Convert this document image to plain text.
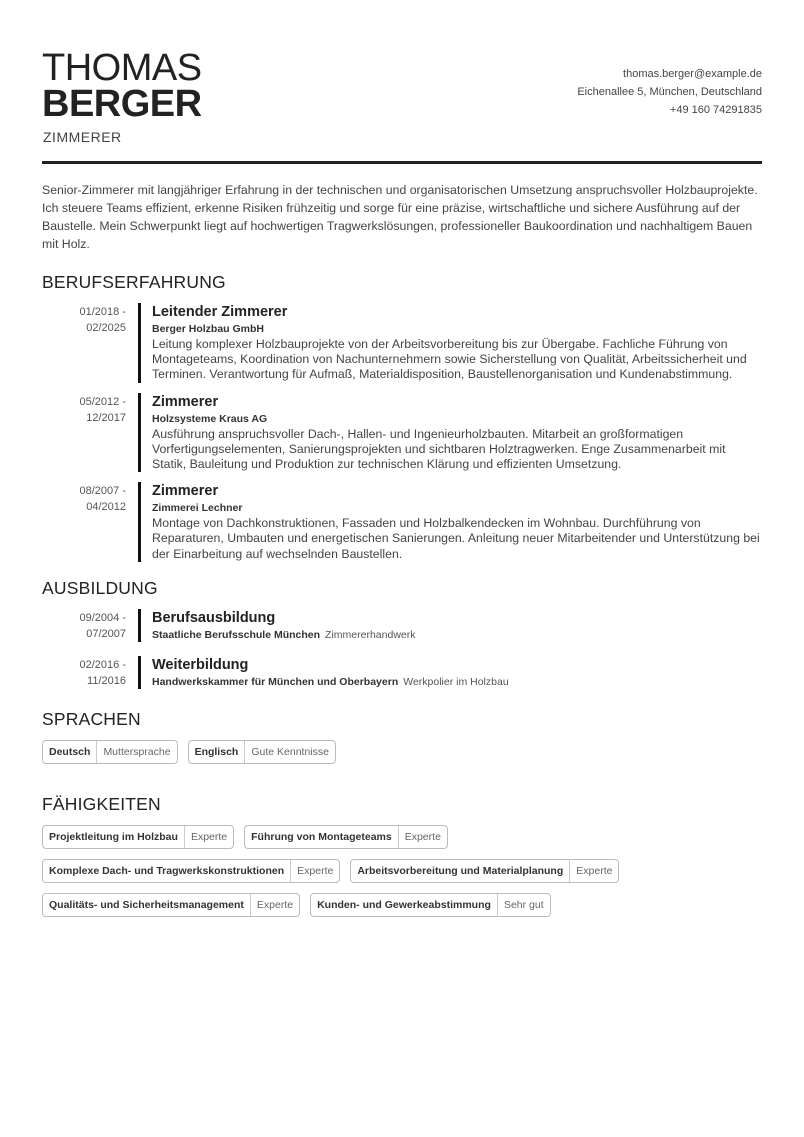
THOMAS
BERGER
ZIMMERER
thomas.berger@example.de
Eichenallee 5, München, Deutschland
+49 160 74291835
Senior-Zimmerer mit langjähriger Erfahrung in der technischen und organisatorischen Umsetzung anspruchsvoller Holzbauprojekte. Ich steuere Teams effizient, erkenne Risiken frühzeitig und sorge für eine präzise, wirtschaftliche und sichere Ausführung auf der Baustelle. Mein Schwerpunkt liegt auf hochwertigen Tragwerkslösungen, professioneller Baukoordination und nachhaltigem Bauen mit Holz.
BERUFSERFAHRUNG
01/2018 -
02/2025
Leitender Zimmerer
Berger Holzbau GmbH
Leitung komplexer Holzbauprojekte von der Arbeitsvorbereitung bis zur Übergabe. Fachliche Führung von Montageteams, Koordination von Nachunternehmern sowie Sicherstellung von Qualität, Arbeitssicherheit und Terminen. Verantwortung für Aufmaß, Materialdisposition, Baustellenorganisation und Kundenabstimmung.
05/2012 -
12/2017
Zimmerer
Holzsysteme Kraus AG
Ausführung anspruchsvoller Dach-, Hallen- und Ingenieurholzbauten. Mitarbeit an großformatigen Vorfertigungselementen, Sanierungsprojekten und sichtbaren Holztragwerken. Enge Zusammenarbeit mit Statik, Bauleitung und Produktion zur technischen Klärung und effizienten Umsetzung.
08/2007 -
04/2012
Zimmerer
Zimmerei Lechner
Montage von Dachkonstruktionen, Fassaden und Holzbalkendecken im Wohnbau. Durchführung von Reparaturen, Umbauten und energetischen Sanierungen. Anleitung neuer Mitarbeitender und Unterstützung bei der Einarbeitung auf wechselnden Baustellen.
AUSBILDUNG
09/2004 -
07/2007
Berufsausbildung
Staatliche Berufsschule München Zimmererhandwerk
02/2016 -
11/2016
Weiterbildung
Handwerkskammer für München und Oberbayern Werkpolier im Holzbau
SPRACHEN
Deutsch	Muttersprache	Englisch	Gute Kenntnisse
FÄHIGKEITEN
Projektleitung im Holzbau	Experte	Führung von Montageteams	Experte
Komplexe Dach- und Tragwerkskonstruktionen	Experte	Arbeitsvorbereitung und Materialplanung	Experte
Qualitäts- und Sicherheitsmanagement	Experte	Kunden- und Gewerkeabstimmung	Sehr gut
